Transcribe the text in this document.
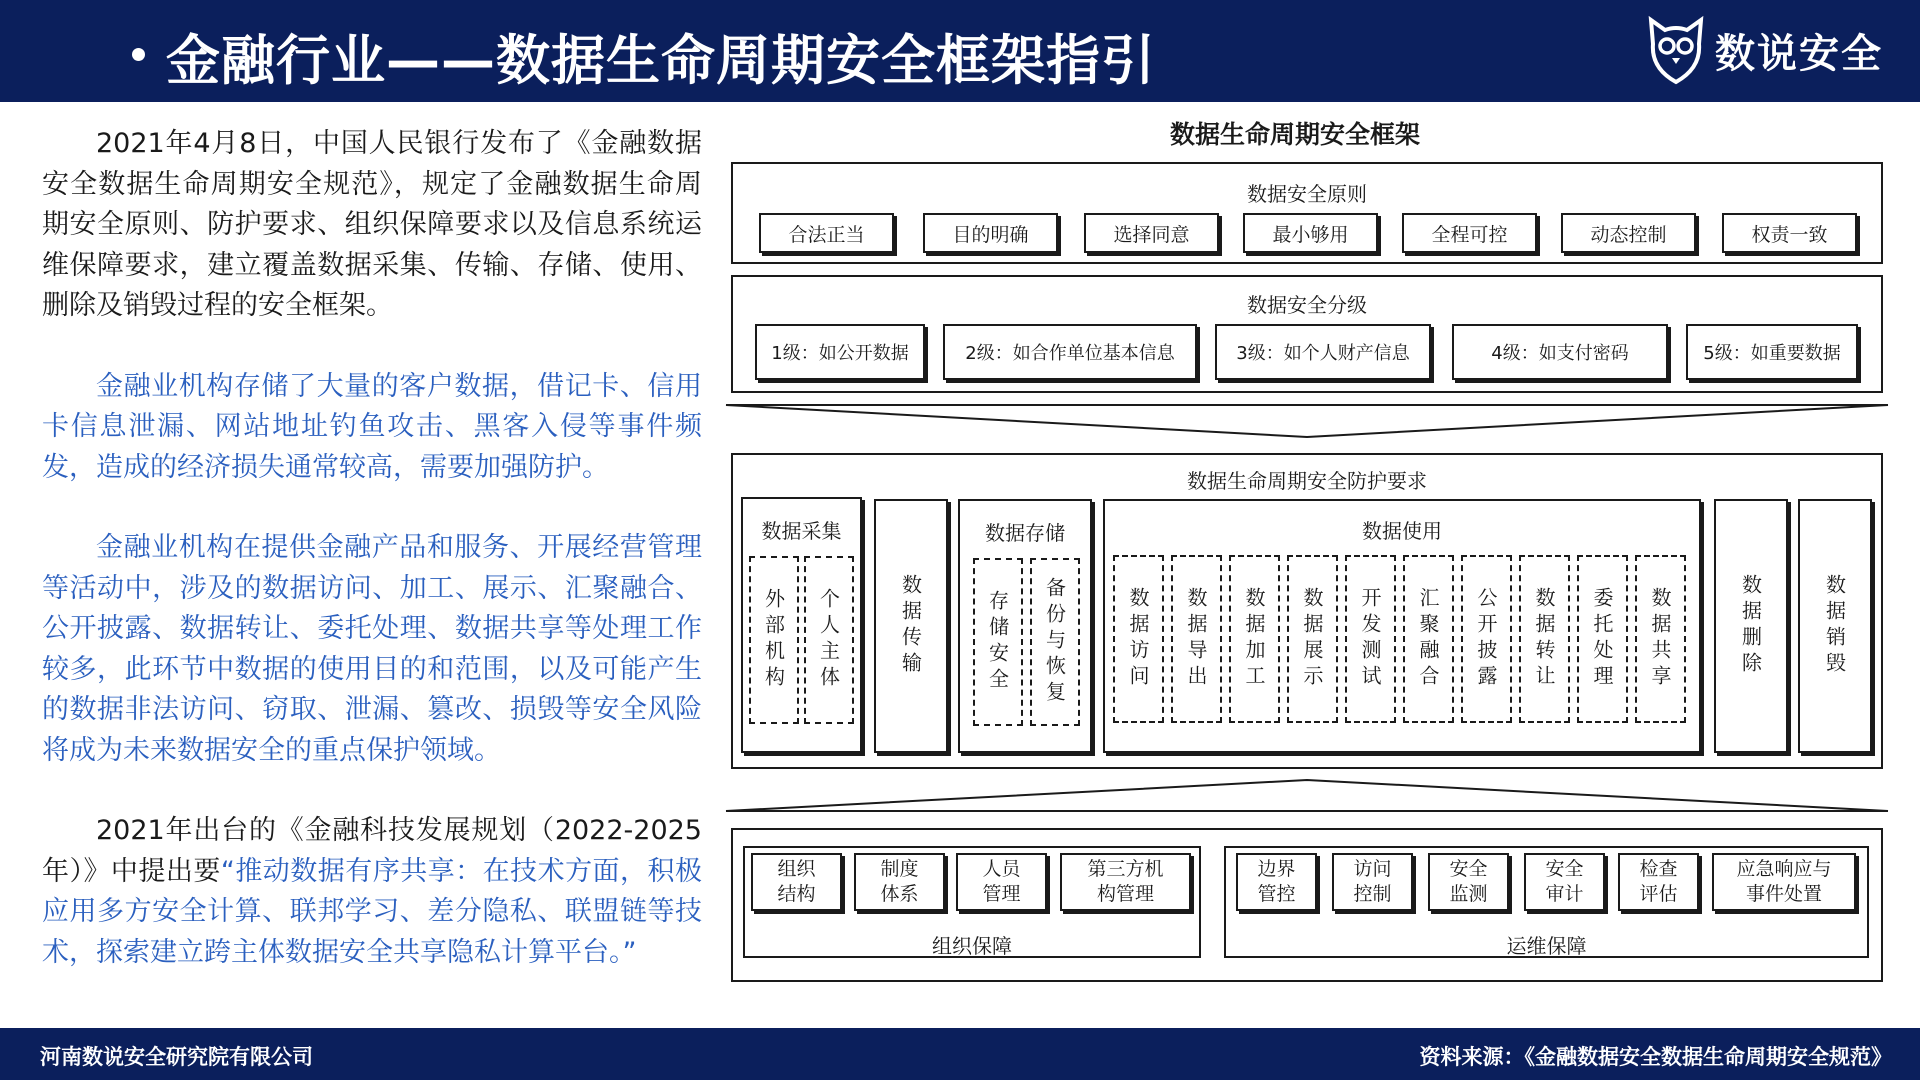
金融行业——数据生命周期安全框架指引	数说安全

2021年4月8日，中国人民银行发布了《金融数据安全数据生命周期安全规范》，规定了金融数据生命周期安全原则、防护要求、组织保障要求以及信息系统运维保障要求，建立覆盖数据采集、传输、存储、使用、删除及销毁过程的安全框架。

金融业机构存储了大量的客户数据，借记卡、信用卡信息泄漏、网站地址钓鱼攻击、黑客入侵等事件频发，造成的经济损失通常较高，需要加强防护。

金融业机构在提供金融产品和服务、开展经营管理等活动中，涉及的数据访问、加工、展示、汇聚融合、公开披露、数据转让、委托处理、数据共享等处理工作较多，此环节中数据的使用目的和范围，以及可能产生的数据非法访问、窃取、泄漏、篡改、损毁等安全风险将成为未来数据安全的重点保护领域。

2021年出台的《金融科技发展规划（2022-2025年）》中提出要“推动数据有序共享：在技术方面，积极应用多方安全计算、联邦学习、差分隐私、联盟链等技术，探索建立跨主体数据安全共享隐私计算平台。”

数据生命周期安全框架
数据安全原则
合法正当	目的明确	选择同意	最小够用	全程可控	动态控制	权责一致
数据安全分级
1级：如公开数据	2级：如合作单位基本信息	3级：如个人财产信息	4级：如支付密码	5级：如重要数据
数据生命周期安全防护要求
数据采集
外部机构	个人主体	数据传输
数据存储
存储安全	备份与恢复
数据使用
数据访问	数据导出	数据加工	数据展示	开发测试	汇聚融合	公开披露	数据转让	委托处理	数据共享	数据删除	数据销毁
组织保障
组织
结构
制度
体系
人员
管理
第三方机
构管理
运维保障
边界
管控
访问
控制
安全
监测
安全
审计
检查
评估
应急响应与
事件处置
河南数说安全研究院有限公司	资料来源：《金融数据安全数据生命周期安全规范》
